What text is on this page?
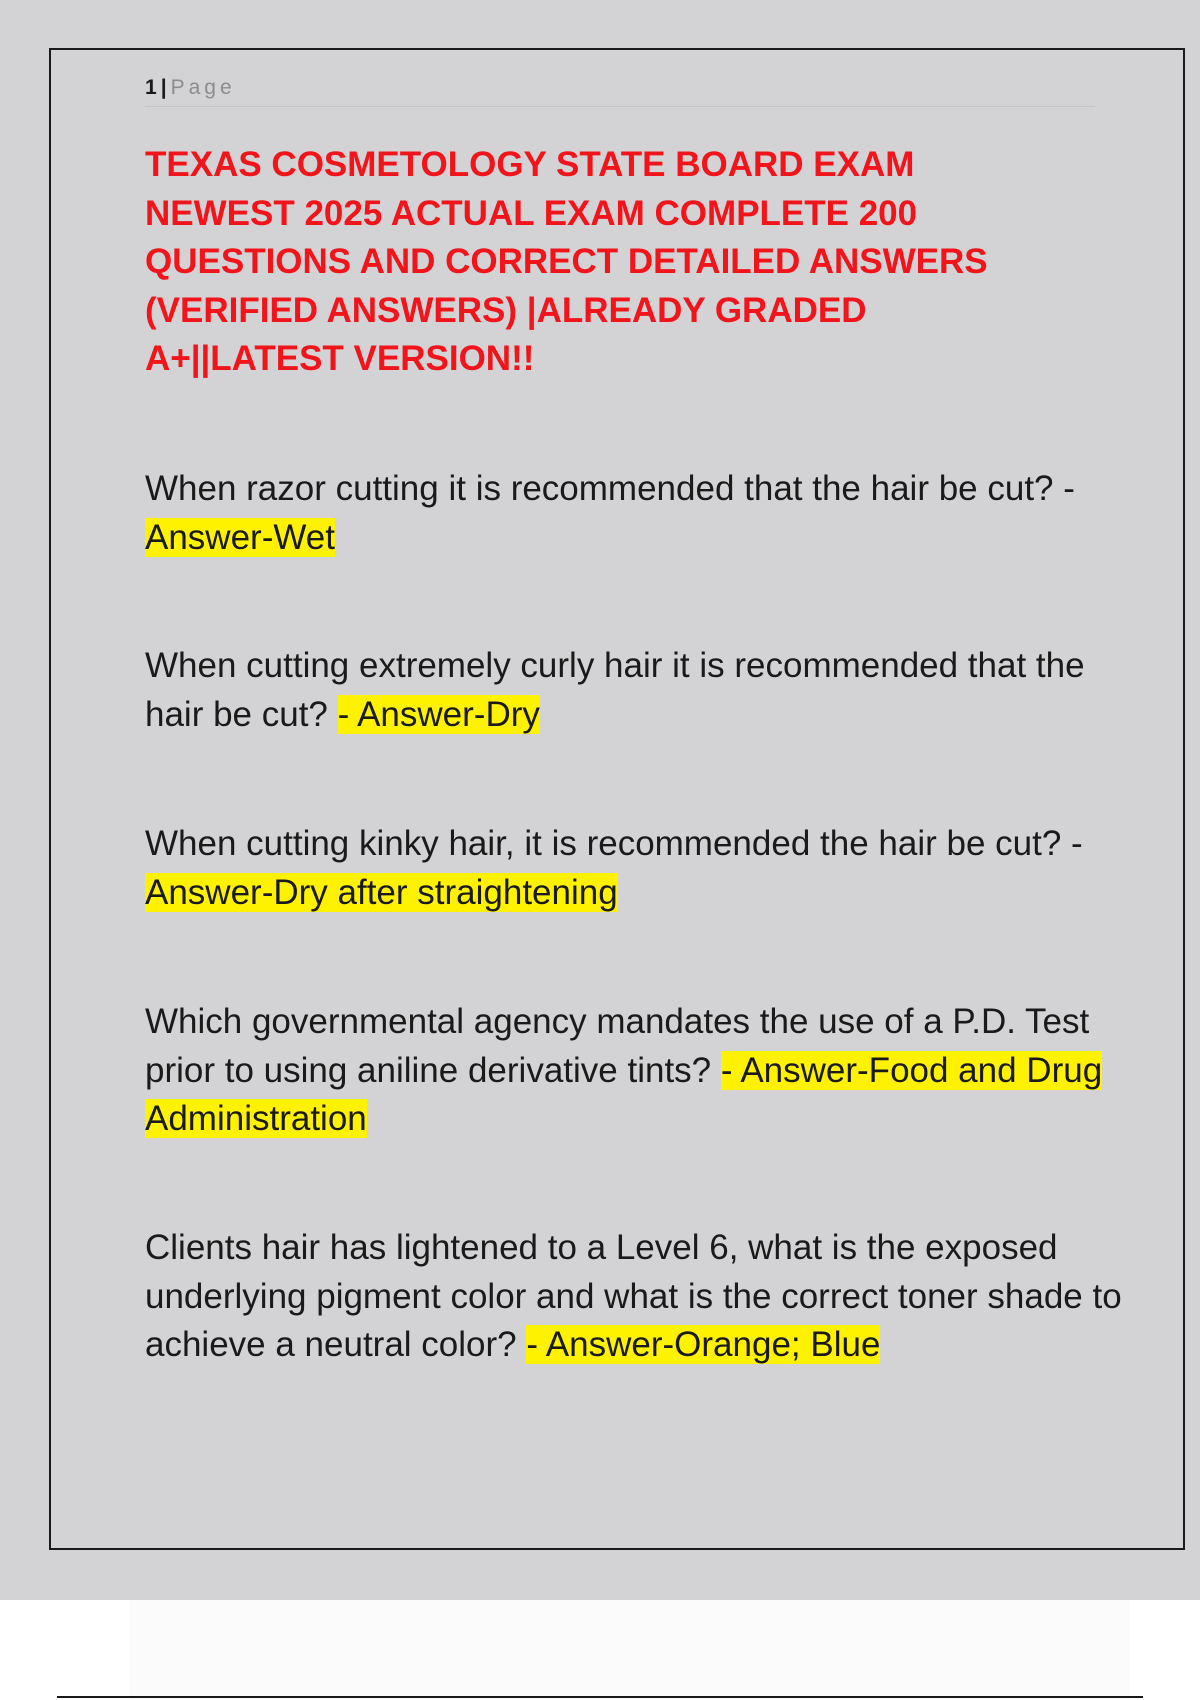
1 | Page
TEXAS COSMETOLOGY STATE BOARD EXAM NEWEST 2025 ACTUAL EXAM COMPLETE 200 QUESTIONS AND CORRECT DETAILED ANSWERS (VERIFIED ANSWERS) |ALREADY GRADED A+||LATEST VERSION!!

When razor cutting it is recommended that the hair be cut? - Answer-Wet

When cutting extremely curly hair it is recommended that the hair be cut? - Answer-Dry

When cutting kinky hair, it is recommended the hair be cut? - Answer-Dry after straightening

Which governmental agency mandates the use of a P.D. Test prior to using aniline derivative tints? - Answer-Food and Drug Administration

Clients hair has lightened to a Level 6, what is the exposed underlying pigment color and what is the correct toner shade to achieve a neutral color? - Answer-Orange; Blue
